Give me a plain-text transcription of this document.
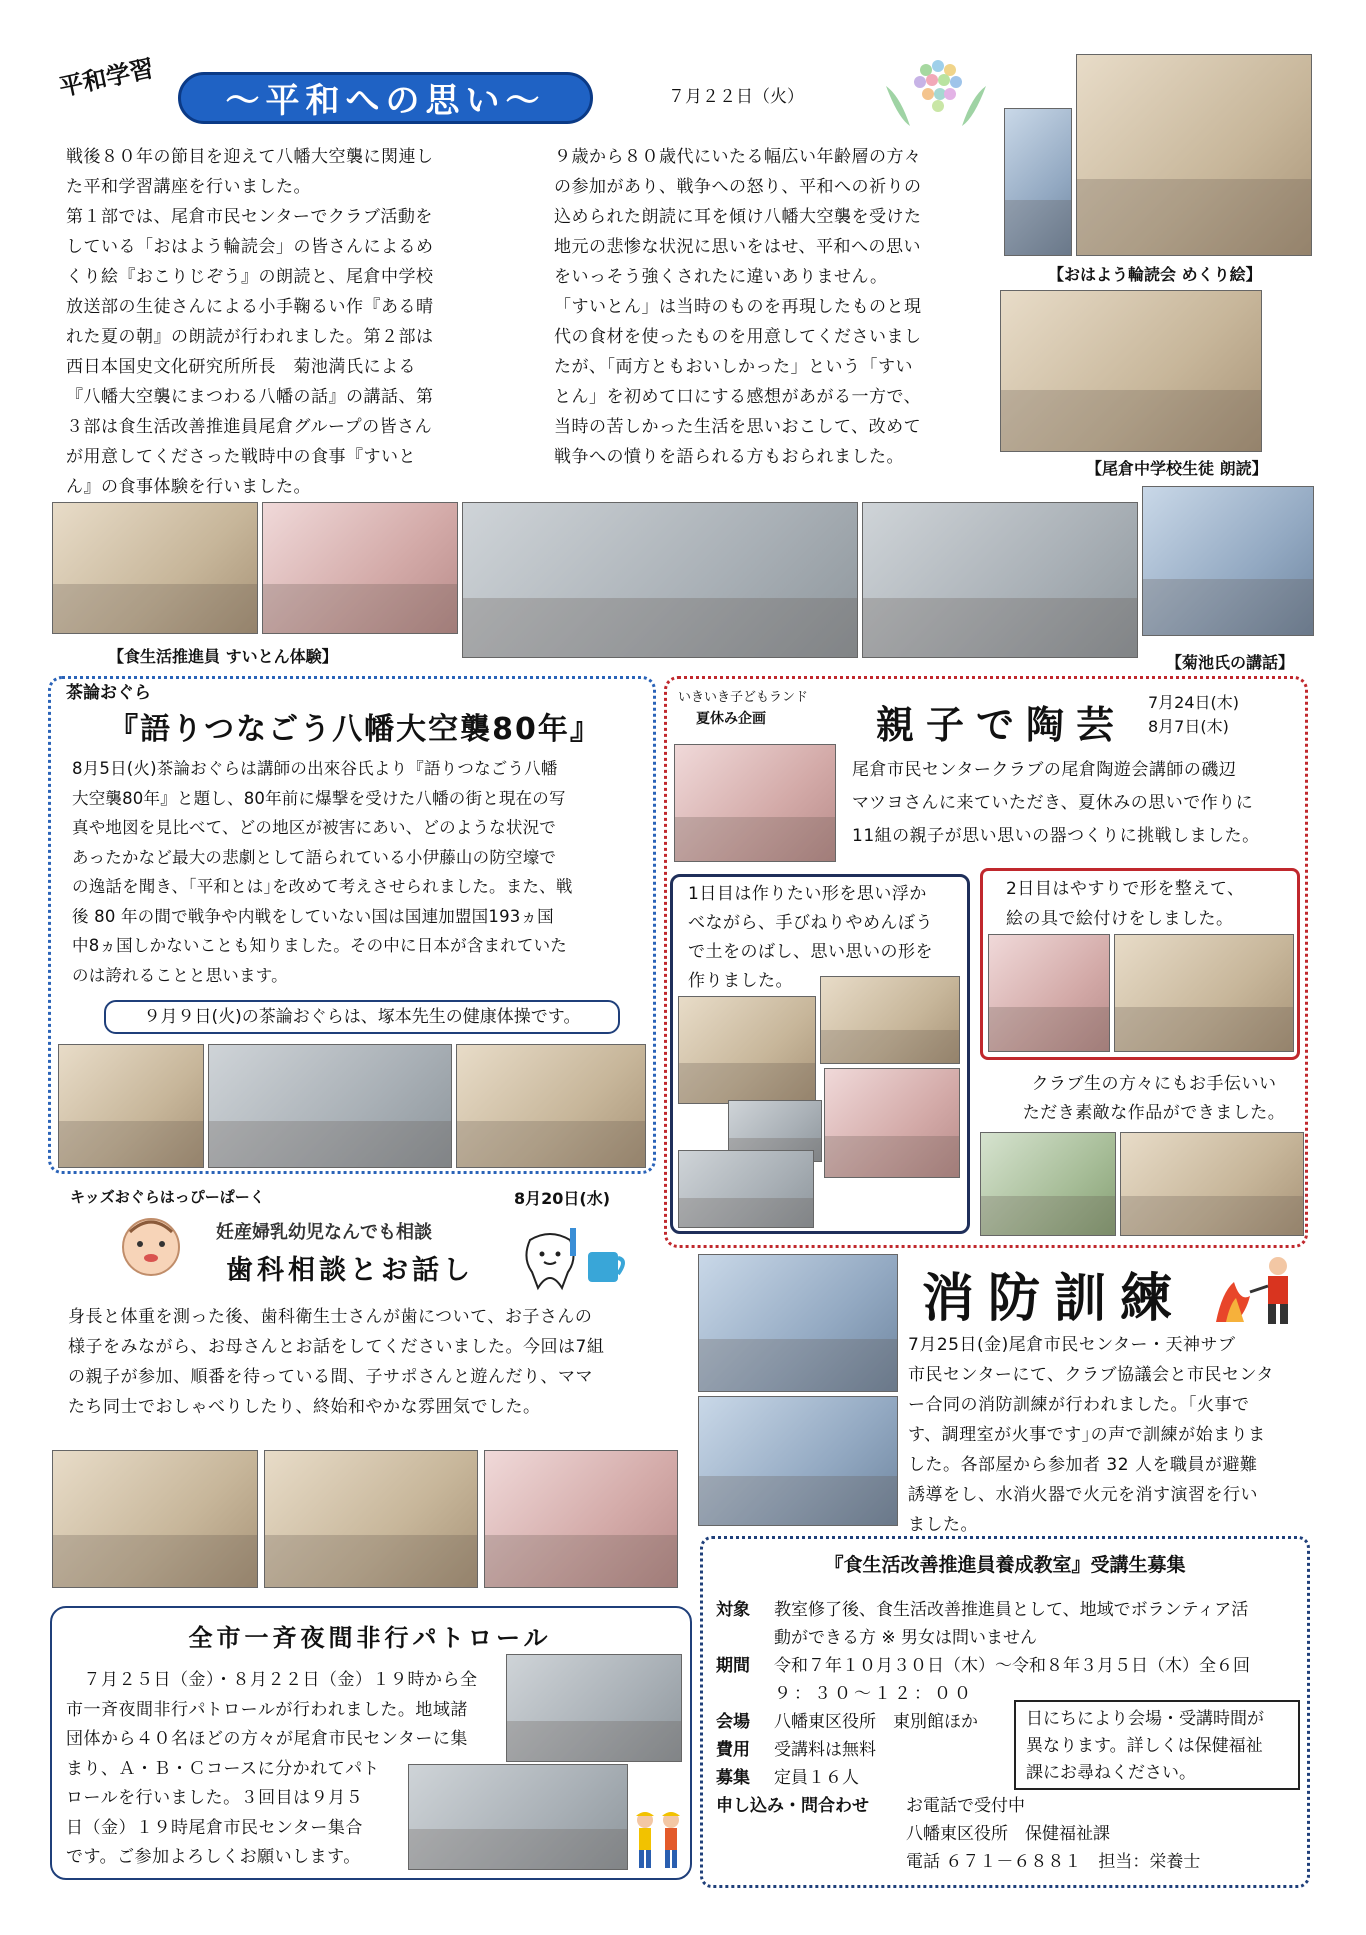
平和学習	～平和への思い～	７月２２日（火）
戦後８０年の節目を迎えて八幡大空襲に関連し
た平和学習講座を行いました。
第１部では、尾倉市民センターでクラブ活動を
している「おはよう輪読会」の皆さんによるめ
くり絵『おこりじぞう』の朗読と、尾倉中学校
放送部の生徒さんによる小手鞠るい作『ある晴
れた夏の朝』の朗読が行われました。第２部は
西日本国史文化研究所所長　菊池満氏による
『八幡大空襲にまつわる八幡の話』の講話、第
３部は食生活改善推進員尾倉グループの皆さん
が用意してくださった戦時中の食事『すいと
ん』の食事体験を行いました。
９歳から８０歳代にいたる幅広い年齢層の方々
の参加があり、戦争への怒り、平和への祈りの
込められた朗読に耳を傾け八幡大空襲を受けた
地元の悲惨な状況に思いをはせ、平和への思い
をいっそう強くされたに違いありません。
「すいとん」は当時のものを再現したものと現
代の食材を使ったものを用意してくださいまし
たが、「両方ともおいしかった」という「すい
とん」を初めて口にする感想があがる一方で、
当時の苦しかった生活を思いおこして、改めて
戦争への憤りを語られる方もおられました。
【おはよう輪読会 めくり絵】
【尾倉中学校生徒 朗読】
【食生活推進員 すいとん体験】	【菊池氏の講話】
茶論おぐら
『語りつなごう八幡大空襲80年』
8月5日(火)茶論おぐらは講師の出來谷氏より『語りつなごう八幡
大空襲80年』と題し、80年前に爆撃を受けた八幡の街と現在の写
真や地図を見比べて、どの地区が被害にあい、どのような状況で
あったかなど最大の悲劇として語られている小伊藤山の防空壕で
の逸話を聞き、｢平和とは｣を改めて考えさせられました。また、戦
後 80 年の間で戦争や内戦をしていない国は国連加盟国193ヵ国
中8ヵ国しかないことも知りました。その中に日本が含まれていた
のは誇れることと思います。
９月９日(火)の茶論おぐらは、塚本先生の健康体操です。
いきいき子どもランド
夏休み企画	親子で陶芸
7月24日(木)
8月7日(木)
尾倉市民センタークラブの尾倉陶遊会講師の磯辺
マツヨさんに来ていただき、夏休みの思いで作りに
11組の親子が思い思いの器つくりに挑戦しました。
1日目は作りたい形を思い浮か
べながら、手びねりやめんぼう
で土をのばし、思い思いの形を
作りました。
2日目はやすりで形を整えて、
絵の具で絵付けをしました。
クラブ生の方々にもお手伝いい
ただき素敵な作品ができました。
キッズおぐらはっぴーぱーく	8月20日(水)
妊産婦乳幼児なんでも相談
歯科相談とお話し
身長と体重を測った後、歯科衛生士さんが歯について、お子さんの
様子をみながら、お母さんとお話をしてくださいました。今回は7組
の親子が参加、順番を待っている間、子サポさんと遊んだり、ママ
たち同士でおしゃべりしたり、終始和やかな雰囲気でした。
消防訓練
7月25日(金)尾倉市民センター・天神サブ
市民センターにて、クラブ協議会と市民センタ
ー合同の消防訓練が行われました。｢火事で
す、調理室が火事です｣の声で訓練が始まりま
した。各部屋から参加者 32 人を職員が避難
誘導をし、水消火器で火元を消す演習を行い
ました。
全市一斉夜間非行パトロール
　７月２５日（金）・８月２２日（金）１９時から全
市一斉夜間非行パトロールが行われました。地域諸
団体から４０名ほどの方々が尾倉市民センターに集
まり、Ａ・Ｂ・Ｃコースに分かれてパト
ロールを行いました。３回目は９月５
日（金）１９時尾倉市民センター集合
です。ご参加よろしくお願いします。
『食生活改善推進員養成教室』受講生募集
対象	教室修了後、食生活改善推進員として、地域でボランティア活
動ができる方 ※ 男女は問いません
期間	令和７年１０月３０日（木）～令和８年３月５日（木）全６回
９：３０～１２：００
会場	八幡東区役所　東別館ほか
費用	受講料は無料
募集	定員１６人
申し込み・問合わせ	お電話で受付中
八幡東区役所　保健福祉課
電話 ６７１－６８８１　担当：栄養士
日にちにより会場・受講時間が
異なります。詳しくは保健福祉
課にお尋ねください。
